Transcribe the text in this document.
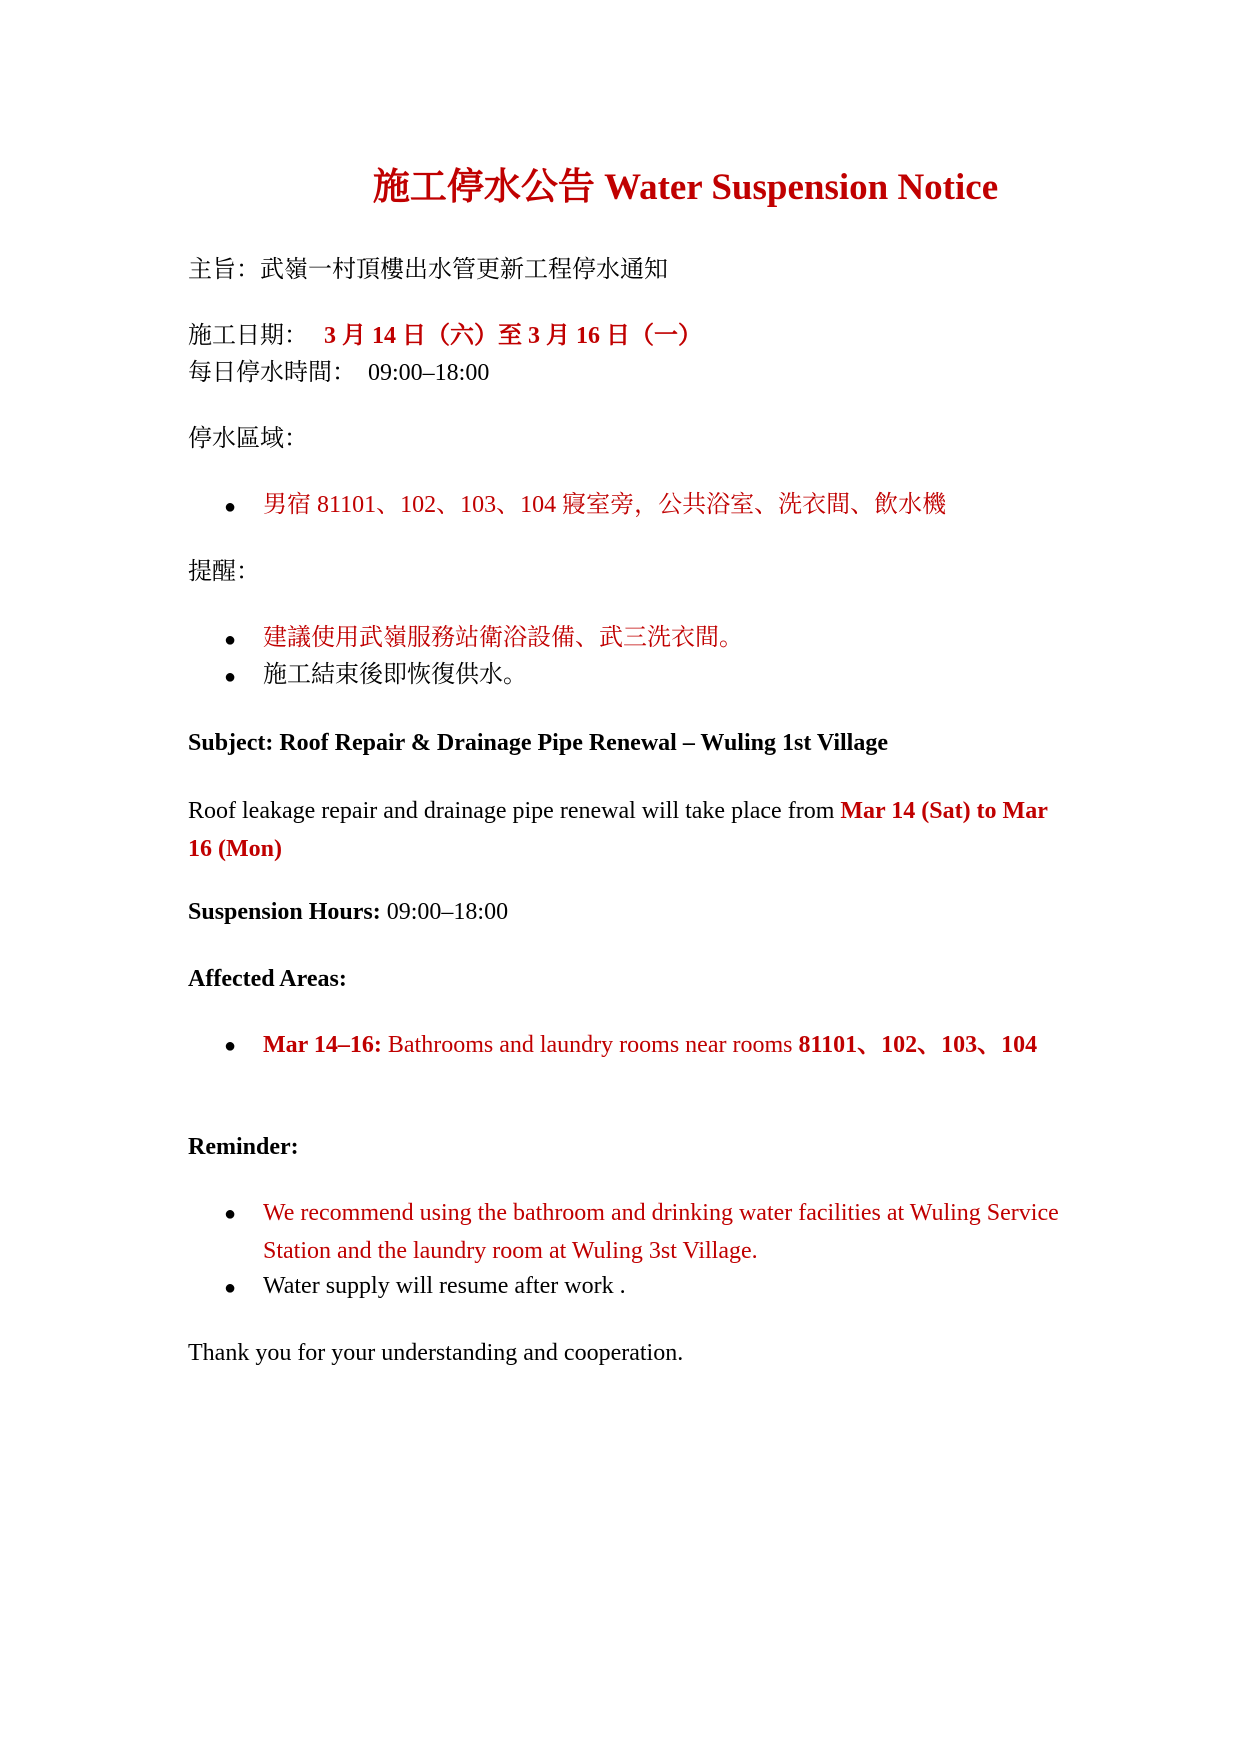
施工停水公告 Water Suspension Notice
主旨：武嶺一村頂樓出水管更新工程停水通知
施工日期： 3 月 14 日（六）至 3 月 16 日（一）
每日停水時間： 09:00–18:00
停水區域：
● 男宿 81101、102、103、104 寢室旁，公共浴室、洗衣間、飲水機
提醒：
● 建議使用武嶺服務站衛浴設備、武三洗衣間。
● 施工結束後即恢復供水。
Subject: Roof Repair & Drainage Pipe Renewal – Wuling 1st Village
Roof leakage repair and drainage pipe renewal will take place from Mar 14 (Sat) to Mar 16 (Mon)
Suspension Hours: 09:00–18:00
Affected Areas:
● Mar 14–16: Bathrooms and laundry rooms near rooms 81101、102、103、104
Reminder:
● We recommend using the bathroom and drinking water facilities at Wuling Service Station and the laundry room at Wuling 3st Village.
● Water supply will resume after work .
Thank you for your understanding and cooperation.
